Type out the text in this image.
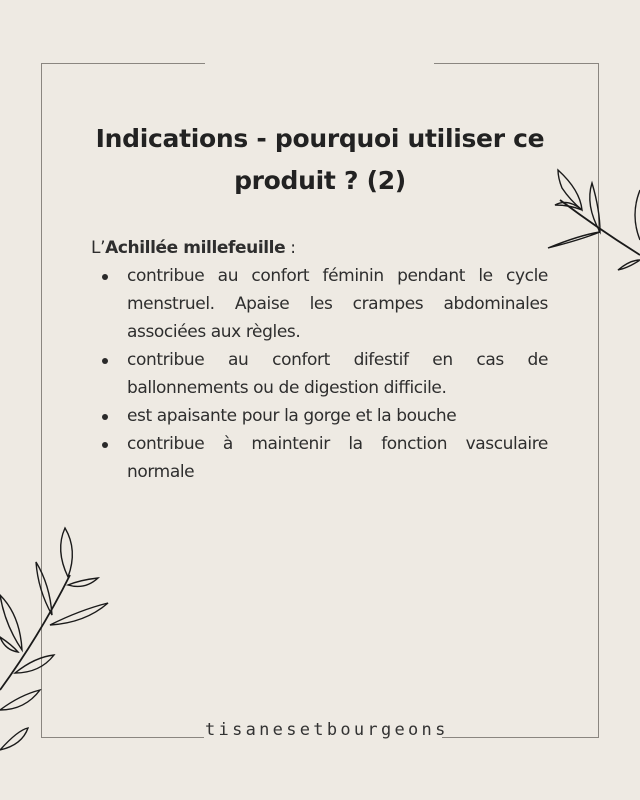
Indications - pourquoi utiliser ce produit ? (2)
L’Achillée millefeuille :
contribue au confort féminin pendant le cycle menstruel. Apaise les crampes abdominales associées aux règles.
contribue au confort difestif en cas de ballonnements ou de digestion difficile.
est apaisante pour la gorge et la bouche
contribue à maintenir la fonction vasculaire normale
tisanesetbourgeons
